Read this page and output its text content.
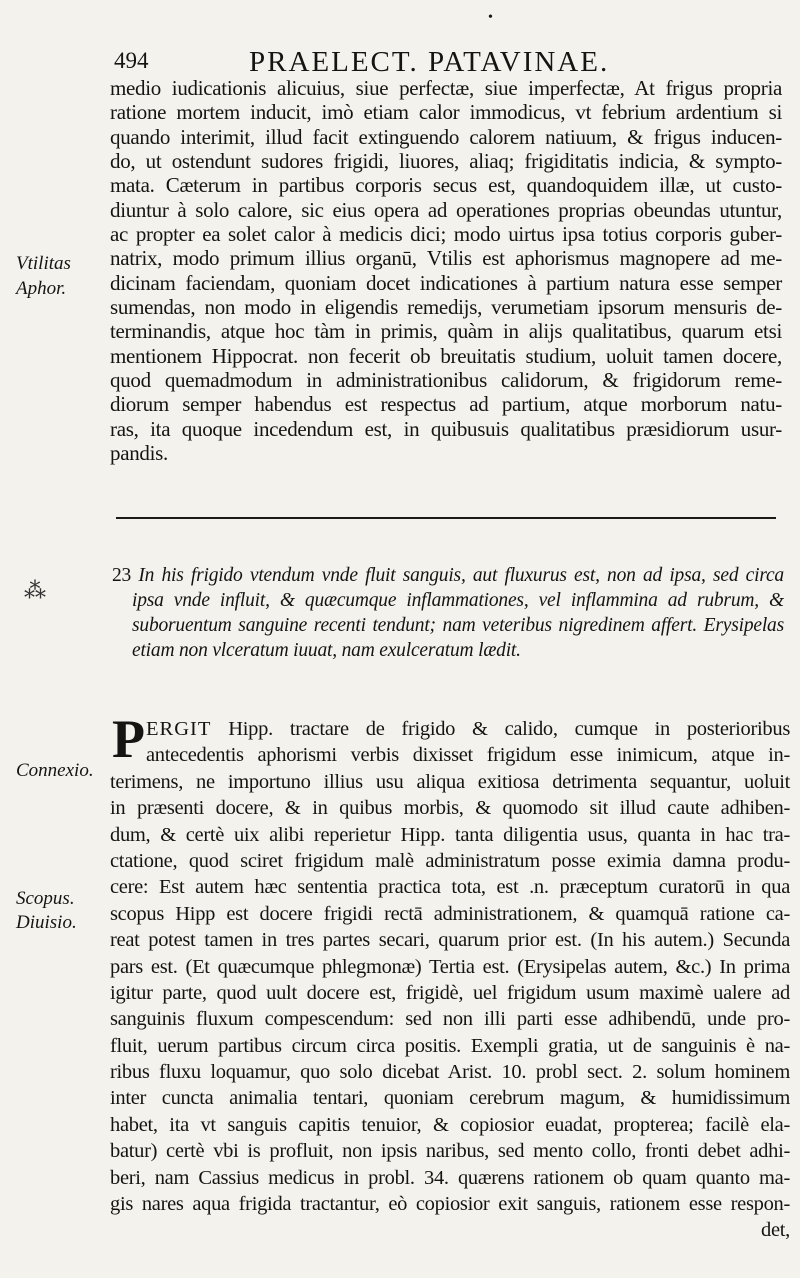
•
494	PRAELECT. PATAVINAE.
medio iudicationis alicuius, siue perfectæ, siue imperfectæ, At frigus propria
ratione mortem inducit, imò etiam calor immodicus, vt febrium ardentium si
quando interimit, illud facit extinguendo calorem natiuum, & frigus inducen-
do, ut ostendunt sudores frigidi, liuores, aliaq; frigiditatis indicia, & sympto-
mata. Cæterum in partibus corporis secus est, quandoquidem illæ, ut custo-
diuntur à solo calore, sic eius opera ad operationes proprias obeundas utuntur,
ac propter ea solet calor à medicis dici; modo uirtus ipsa totius corporis guber-
natrix, modo primum illius organū, Vtilis est aphorismus magnopere ad me-
dicinam faciendam, quoniam docet indicationes à partium natura esse semper
sumendas, non modo in eligendis remedijs, verumetiam ipsorum mensuris de-
terminandis, atque hoc tàm in primis, quàm in alijs qualitatibus, quarum etsi
mentionem Hippocrat. non fecerit ob breuitatis studium, uoluit tamen docere,
quod quemadmodum in administrationibus calidorum, & frigidorum reme-
diorum semper habendus est respectus ad partium, atque morborum natu-
ras, ita quoque incedendum est, in quibusuis qualitatibus præsidiorum usur-
pandis.
Vtilitas
Aphor.
⁂
23 In his frigido vtendum vnde fluit sanguis, aut fluxurus est, non ad ipsa, sed circa
ipsa vnde influit, & quæcumque inflammationes, vel inflammina ad rubrum, &
suboruentum sanguine recenti tendunt; nam veteribus nigredinem affert. Erysipelas
etiam non vlceratum iuuat, nam exulceratum lædit.
P ERGIT Hipp. tractare de frigido & calido, cumque in posterioribus
antecedentis aphorismi verbis dixisset frigidum esse inimicum, atque in-
terimens, ne importuno illius usu aliqua exitiosa detrimenta sequantur, uoluit
in præsenti docere, & in quibus morbis, & quomodo sit illud caute adhiben-
dum, & certè uix alibi reperietur Hipp. tanta diligentia usus, quanta in hac tra-
ctatione, quod sciret frigidum malè administratum posse eximia damna produ-
cere: Est autem hæc sententia practica tota, est .n. præceptum curatorū in qua
scopus Hipp est docere frigidi rectā administrationem, & quamquā ratione ca-
reat potest tamen in tres partes secari, quarum prior est. (In his autem.) Secunda
pars est. (Et quæcumque phlegmonæ) Tertia est. (Erysipelas autem, &c.) In prima
igitur parte, quod uult docere est, frigidè, uel frigidum usum maximè ualere ad
sanguinis fluxum compescendum: sed non illi parti esse adhibendū, unde pro-
fluit, uerum partibus circum circa positis. Exempli gratia, ut de sanguinis è na-
ribus fluxu loquamur, quo solo dicebat Arist. 10. probl sect. 2. solum hominem
inter cuncta animalia tentari, quoniam cerebrum magum, & humidissimum
habet, ita vt sanguis capitis tenuior, & copiosior euadat, propterea; facilè ela-
batur) certè vbi is profluit, non ipsis naribus, sed mento collo, fronti debet adhi-
beri, nam Cassius medicus in probl. 34. quærens rationem ob quam quanto ma-
gis nares aqua frigida tractantur, eò copiosior exit sanguis, rationem esse respon-
det,
Connexio.
Scopus.
Diuisio.
